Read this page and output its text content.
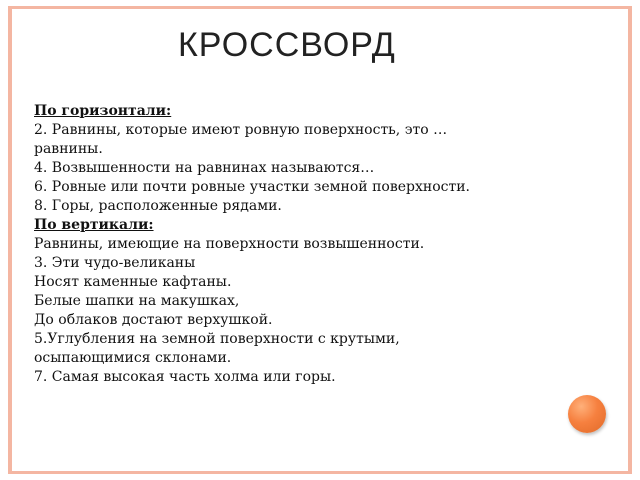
КРОССВОРД
По горизонтали:
2. Равнины, которые имеют ровную поверхность, это …
равнины.
4. Возвышенности на равнинах называются…
6. Ровные или почти ровные участки земной поверхности.
8. Горы, расположенные рядами.
По вертикали:
Равнины, имеющие на поверхности возвышенности.
3. Эти чудо-великаны
Носят каменные кафтаны.
Белые шапки на макушках,
До облаков достают верхушкой.
5.Углубления на земной поверхности с крутыми,
осыпающимися склонами.
7. Самая высокая часть холма или горы.
